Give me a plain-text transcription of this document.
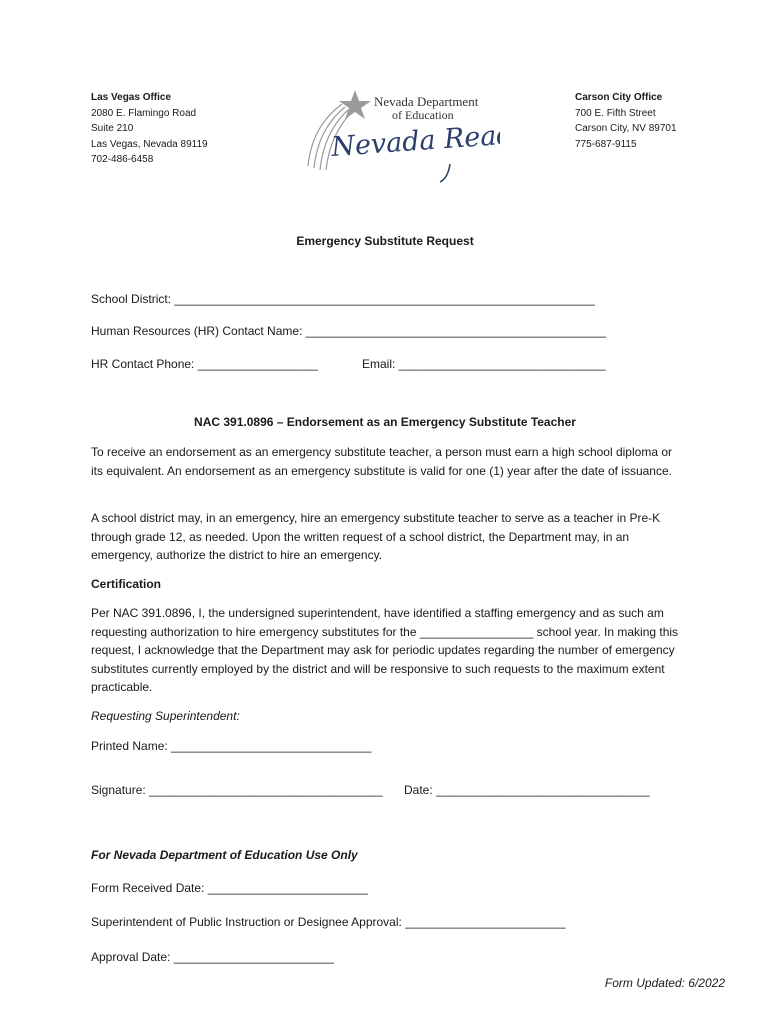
Las Vegas Office
2080 E. Flamingo Road
Suite 210
Las Vegas, Nevada 89119
702-486-6458
Nevada Department
of Education
Nevada Ready!
Carson City Office
700 E. Fifth Street
Carson City, NV 89701
775-687-9115
Emergency Substitute Request
School District: _______________________________________________________________
Human Resources (HR) Contact Name: _____________________________________________
HR Contact Phone: __________________	Email: _______________________________
NAC 391.0896 – Endorsement as an Emergency Substitute Teacher
To receive an endorsement as an emergency substitute teacher, a person must earn a high school diploma or its equivalent. An endorsement as an emergency substitute is valid for one (1) year after the date of issuance.
A school district may, in an emergency, hire an emergency substitute teacher to serve as a teacher in Pre-K through grade 12, as needed. Upon the written request of a school district, the Department may, in an emergency, authorize the district to hire an emergency.
Certification
Per NAC 391.0896, I, the undersigned superintendent, have identified a staffing emergency and as such am requesting authorization to hire emergency substitutes for the _________________ school year. In making this request, I acknowledge that the Department may ask for periodic updates regarding the number of emergency substitutes currently employed by the district and will be responsive to such requests to the maximum extent practicable.
Requesting Superintendent:
Printed Name: ______________________________
Signature: ___________________________________ Date: ________________________________
For Nevada Department of Education Use Only
Form Received Date: ________________________
Superintendent of Public Instruction or Designee Approval: ________________________
Approval Date: ________________________
Form Updated: 6/2022
